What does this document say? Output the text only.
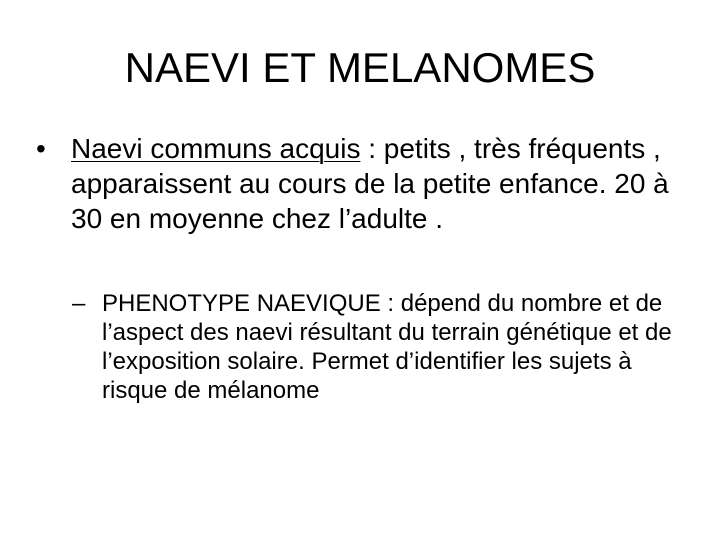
NAEVI ET MELANOMES
• Naevi communs acquis : petits , très fréquents , apparaissent au cours de la petite enfance. 20 à 30 en moyenne chez l’adulte .
– PHENOTYPE NAEVIQUE : dépend du nombre et de l’aspect des naevi résultant du terrain génétique et de l’exposition solaire. Permet d’identifier les sujets à risque de mélanome
